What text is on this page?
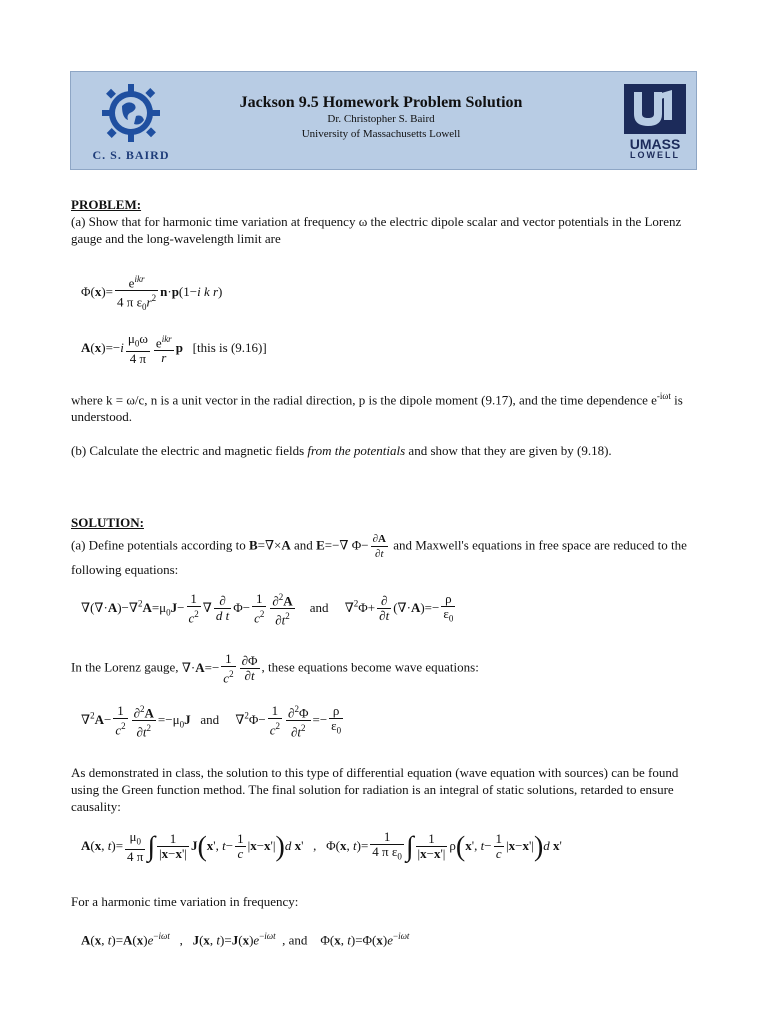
C. S. BAIRD
Jackson 9.5 Homework Problem Solution
Dr. Christopher S. Baird
University of Massachusetts Lowell
UMASS
LOWELL

PROBLEM:

(a) Show that for harmonic time variation at frequency ω the electric dipole scalar and vector potentials in the Lorenz gauge and the long-wavelength limit are

$\Phi(x)= \frac{e^{ikr}}{4 \pi \varepsilon_0r^2} n\cdot p(1-i$ k r)
$A(x)=-i \frac{\mu_0\omega}{4 \pi} \frac{e^{ikr}}{r}$ p [this is (9.16)]

where k = ω/c, n is a unit vector in the radial direction, p is the dipole moment (9.17), and the time dependence $e^{-i\omega t}$ is understood.

(b) Calculate the electric and magnetic fields from the potentials and show that they are given by (9.18).

SOLUTION:

(a) Define potentials according to B=∇×A and E=−∇ $\Phi- \frac{\partial A}{\partial t}$ and Maxwell's equations in free space are reduced to the following equations:

$\nabla(\nabla\cdot A)-\nabla^2A=\mu_0J- \frac{1}{c^2}$ ∇ $\frac{\partial}{\text{d t}} \Phi- \frac{1}{c^2} \frac{\partial^2A}{\partial t^2}$ and     $\nabla^2\Phi+ \frac{\partial}{\partial t} (\nabla\cdot A)=- \frac{\rho}{\varepsilon_0}$
In the Lorenz gauge, $\nabla\cdot A=- \frac{1}{c^2} \frac{\partial\Phi}{\partial t}$ , these equations become wave equations:
$\nabla^2A- \frac{1}{c^2} \frac{\partial^2A}{\partial t^2} =-\mu_0J$ and     $\nabla^2\Phi- \frac{1}{c^2} \frac{\partial^2\Phi}{\partial t^2} =- \frac{\rho}{\varepsilon_0}$

As demonstrated in class, the solution to this type of differential equation (wave equation with sources) can be found using the Green function method. The final solution for radiation is an integral of static solutions, retarded to ensure causality:

A(x, $t)= \frac{\mu_0}{4 \pi}$ ∫ $\frac{1}{|x-x'|} J(x'$, $t- \frac{1}{c} |x-x'|)d$ x'   ,   Φ(x, $t)= \frac{1}{4 \pi \varepsilon_0}$ ∫ $\frac{1}{|x-x'|} \rho(x'$, $t- \frac{1}{c} |x-x'|)d$ x'

For a harmonic time variation in frequency:

A(x, $t)=A(x)e^{-i\omega t}$   ,   J(x, $t)=J(x)e^{-i\omega t}$ , and    Φ(x, $t)=\Phi(x)e^{-i\omega t}$
